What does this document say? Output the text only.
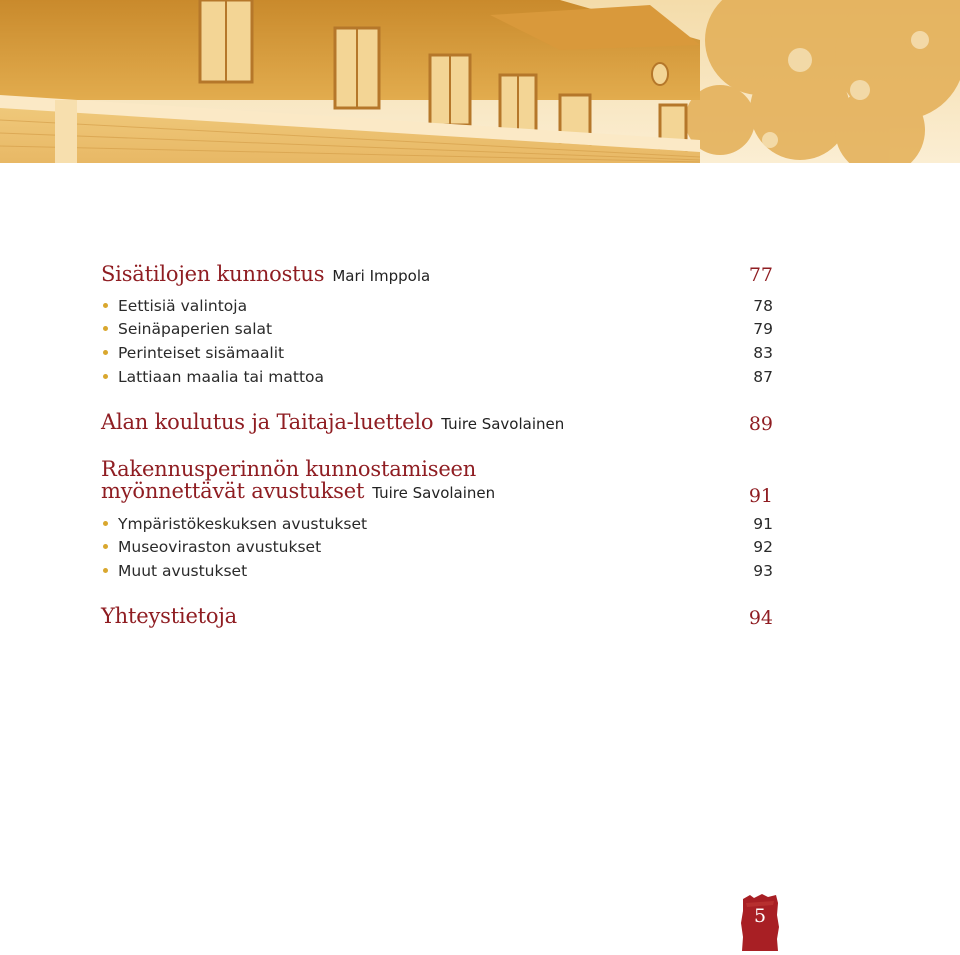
Sisätilojen kunnostus Mari Imppola	77
Eettisiä valintoja	78
Seinäpaperien salat	79
Perinteiset sisämaalit	83
Lattiaan maalia tai mattoa	87
Alan koulutus ja Taitaja-luettelo Tuire Savolainen	89
Rakennusperinnön kunnostamiseen
myönnettävät avustukset Tuire Savolainen	91
Ympäristökeskuksen avustukset	91
Museoviraston avustukset	92
Muut avustukset	93
Yhteystietoja	94
5
